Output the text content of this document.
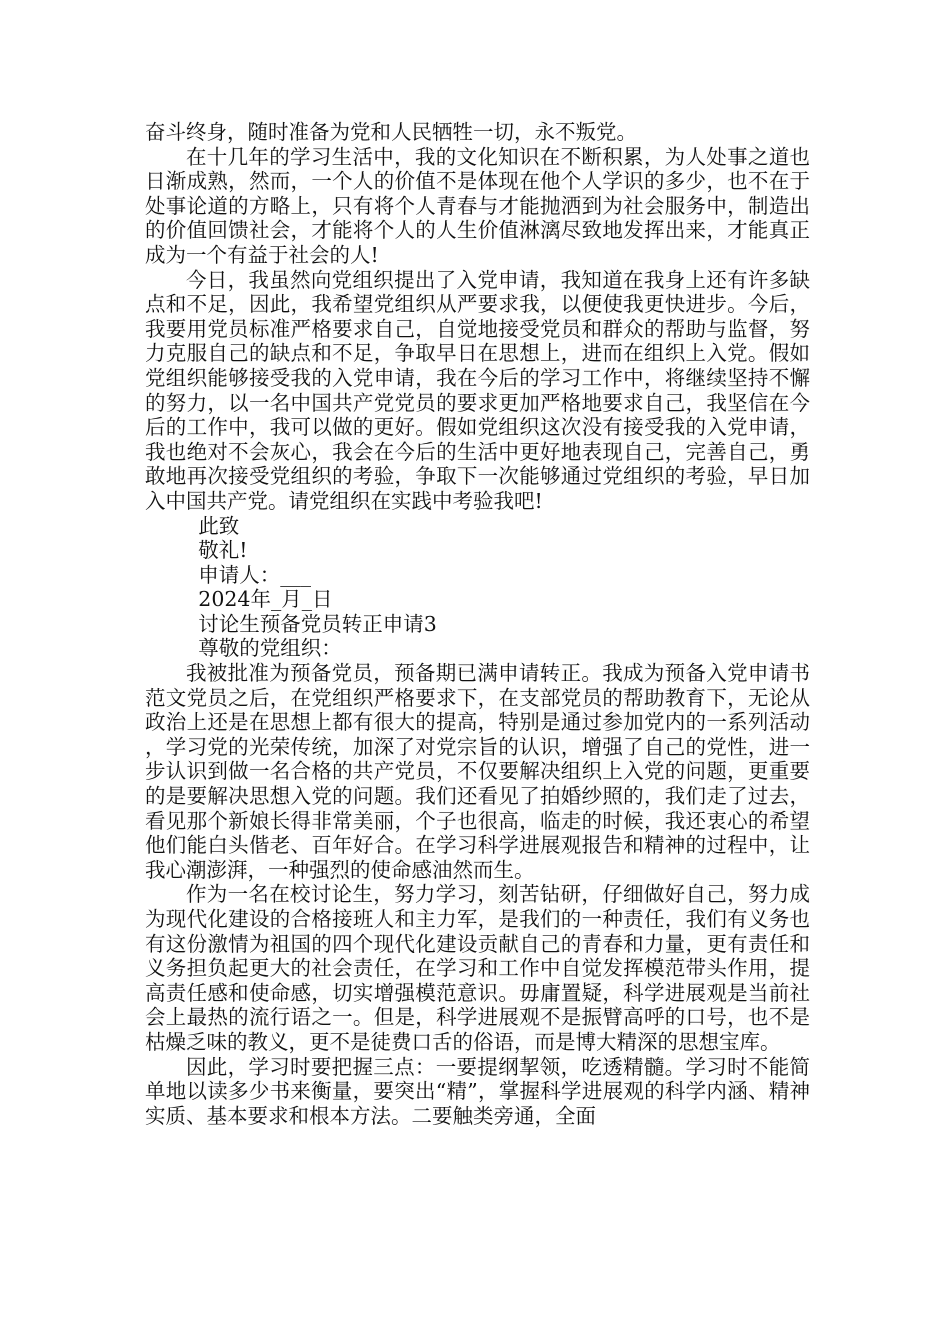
奋斗终身，随时准备为党和人民牺牲一切，永不叛党。

在十几年的学习生活中，我的文化知识在不断积累，为人处事之道也日渐成熟，然而，一个人的价值不是体现在他个人学识的多少，也不在于处事论道的方略上，只有将个人青春与才能抛洒到为社会服务中，制造出的价值回馈社会，才能将个人的人生价值淋漓尽致地发挥出来，才能真正成为一个有益于社会的人!

今日，我虽然向党组织提出了入党申请，我知道在我身上还有许多缺点和不足，因此，我希望党组织从严要求我，以便使我更快进步。今后，我要用党员标准严格要求自己，自觉地接受党员和群众的帮助与监督，努力克服自己的缺点和不足，争取早日在思想上，进而在组织上入党。假如党组织能够接受我的入党申请，我在今后的学习工作中，将继续坚持不懈的努力，以一名中国共产党党员的要求更加严格地要求自己，我坚信在今后的工作中，我可以做的更好。假如党组织这次没有接受我的入党申请，我也绝对不会灰心，我会在今后的生活中更好地表现自己，完善自己，勇敢地再次接受党组织的考验，争取下一次能够通过党组织的考验，早日加入中国共产党。请党组织在实践中考验我吧!

此致

敬礼!

申请人：___

2024年_月_日

讨论生预备党员转正申请3

尊敬的党组织：

我被批准为预备党员，预备期已满申请转正。我成为预备入党申请书范文党员之后，在党组织严格要求下，在支部党员的帮助教育下，无论从政治上还是在思想上都有很大的提高，特别是通过参加党内的一系列活动，学习党的光荣传统，加深了对党宗旨的认识，增强了自己的党性，进一步认识到做一名合格的共产党员，不仅要解决组织上入党的问题，更重要的是要解决思想入党的问题。我们还看见了拍婚纱照的，我们走了过去，看见那个新娘长得非常美丽，个子也很高，临走的时候，我还衷心的希望他们能白头偕老、百年好合。在学习科学进展观报告和精神的过程中，让我心潮澎湃，一种强烈的使命感油然而生。

作为一名在校讨论生，努力学习，刻苦钻研，仔细做好自己，努力成为现代化建设的合格接班人和主力军，是我们的一种责任，我们有义务也有这份激情为祖国的四个现代化建设贡献自己的青春和力量，更有责任和义务担负起更大的社会责任，在学习和工作中自觉发挥模范带头作用，提高责任感和使命感，切实增强模范意识。毋庸置疑，科学进展观是当前社会上最热的流行语之一。但是，科学进展观不是振臂高呼的口号，也不是枯燥乏味的教义，更不是徒费口舌的俗语，而是博大精深的思想宝库。

因此，学习时要把握三点：一要提纲挈领，吃透精髓。学习时不能简单地以读多少书来衡量，要突出“精”，掌握科学进展观的科学内涵、精神实质、基本要求和根本方法。二要触类旁通，全面
